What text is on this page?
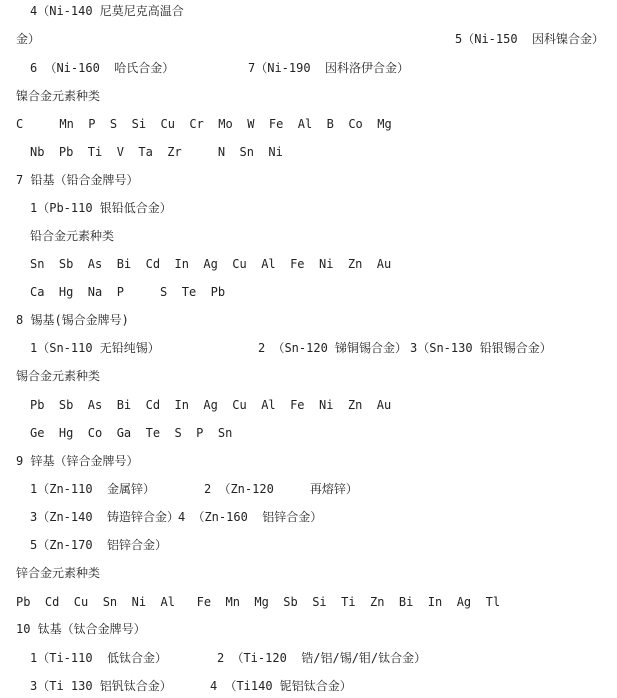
4（Ni-140 尼莫尼克高温合
金）	5（Ni-150  因科镍合金）
6 （Ni-160  哈氏合金）	7（Ni-190  因科洛伊合金）
镍合金元素种类
C     Mn  P  S  Si  Cu  Cr  Mo  W  Fe  Al  B  Co  Mg
Nb  Pb  Ti  V  Ta  Zr     N  Sn  Ni
7 铅基（铅合金牌号）
1（Pb-110 银铅低合金）
铅合金元素种类
Sn  Sb  As  Bi  Cd  In  Ag  Cu  Al  Fe  Ni  Zn  Au
Ca  Hg  Na  P     S  Te  Pb
8 锡基(锡合金牌号)
1（Sn-110 无铅纯锡）	2 （Sn-120 锑铜锡合金） 3（Sn-130 铅银锡合金）
锡合金元素种类
Pb  Sb  As  Bi  Cd  In  Ag  Cu  Al  Fe  Ni  Zn  Au
Ge  Hg  Co  Ga  Te  S  P  Sn
9 锌基（锌合金牌号）
1（Zn-110  金属锌）	2 （Zn-120     再熔锌）
3（Zn-140  铸造锌合金）
4 （Zn-160  铝锌合金）
5（Zn-170  铝锌合金）
锌合金元素种类
Pb  Cd  Cu  Sn  Ni  Al   Fe  Mn  Mg  Sb  Si  Ti  Zn  Bi  In  Ag  Tl
10 钛基（钛合金牌号）
1（Ti-110  低钛合金）	2 （Ti-120  锆/铝/锡/钼/钛合金）
3（Ti 130 铝钒钛合金）	4 （Ti140 铌铝钛合金）
